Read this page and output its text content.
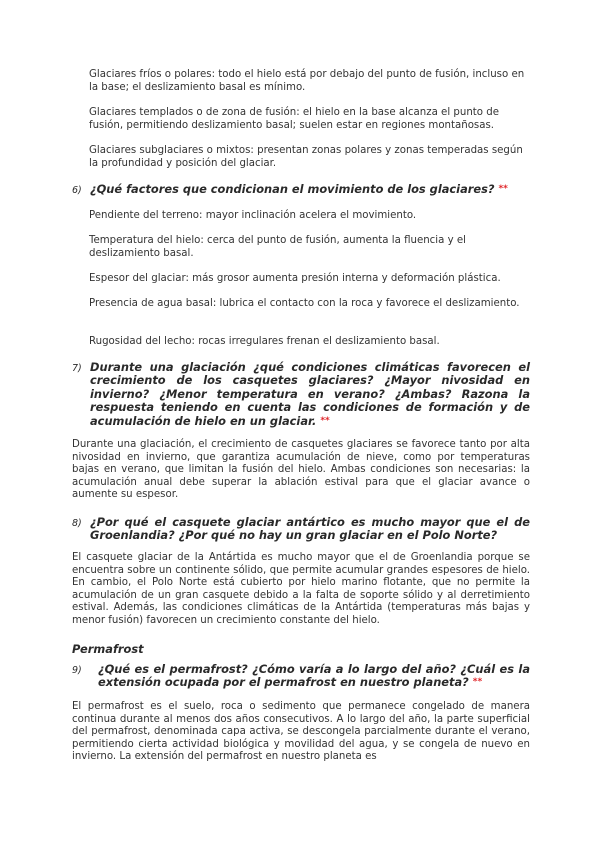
Glaciares fríos o polares: todo el hielo está por debajo del punto de fusión, incluso en la base; el deslizamiento basal es mínimo.

Glaciares templados o de zona de fusión: el hielo en la base alcanza el punto de fusión, permitiendo deslizamiento basal; suelen estar en regiones montañosas.

Glaciares subglaciares o mixtos: presentan zonas polares y zonas temperadas según la profundidad y posición del glaciar.

6) ¿Qué factores que condicionan el movimiento de los glaciares? **

Pendiente del terreno: mayor inclinación acelera el movimiento.

Temperatura del hielo: cerca del punto de fusión, aumenta la fluencia y el deslizamiento basal.

Espesor del glaciar: más grosor aumenta presión interna y deformación plástica.

Presencia de agua basal: lubrica el contacto con la roca y favorece el deslizamiento.

Rugosidad del lecho: rocas irregulares frenan el deslizamiento basal.

7) Durante una glaciación ¿qué condiciones climáticas favorecen el crecimiento de los casquetes glaciares? ¿Mayor nivosidad en invierno? ¿Menor temperatura en verano? ¿Ambas? Razona la respuesta teniendo en cuenta las condiciones de formación y de acumulación de hielo en un glaciar. **

Durante una glaciación, el crecimiento de casquetes glaciares se favorece tanto por alta nivosidad en invierno, que garantiza acumulación de nieve, como por temperaturas bajas en verano, que limitan la fusión del hielo. Ambas condiciones son necesarias: la acumulación anual debe superar la ablación estival para que el glaciar avance o aumente su espesor.

8) ¿Por qué el casquete glaciar antártico es mucho mayor que el de Groenlandia? ¿Por qué no hay un gran glaciar en el Polo Norte?

El casquete glaciar de la Antártida es mucho mayor que el de Groenlandia porque se encuentra sobre un continente sólido, que permite acumular grandes espesores de hielo. En cambio, el Polo Norte está cubierto por hielo marino flotante, que no permite la acumulación de un gran casquete debido a la falta de soporte sólido y al derretimiento estival. Además, las condiciones climáticas de la Antártida (temperaturas más bajas y menor fusión) favorecen un crecimiento constante del hielo.

Permafrost
9) ¿Qué es el permafrost? ¿Cómo varía a lo largo del año? ¿Cuál es la extensión ocupada por el permafrost en nuestro planeta? **

El permafrost es el suelo, roca o sedimento que permanece congelado de manera continua durante al menos dos años consecutivos. A lo largo del año, la parte superficial del permafrost, denominada capa activa, se descongela parcialmente durante el verano, permitiendo cierta actividad biológica y movilidad del agua, y se congela de nuevo en invierno. La extensión del permafrost en nuestro planeta es
